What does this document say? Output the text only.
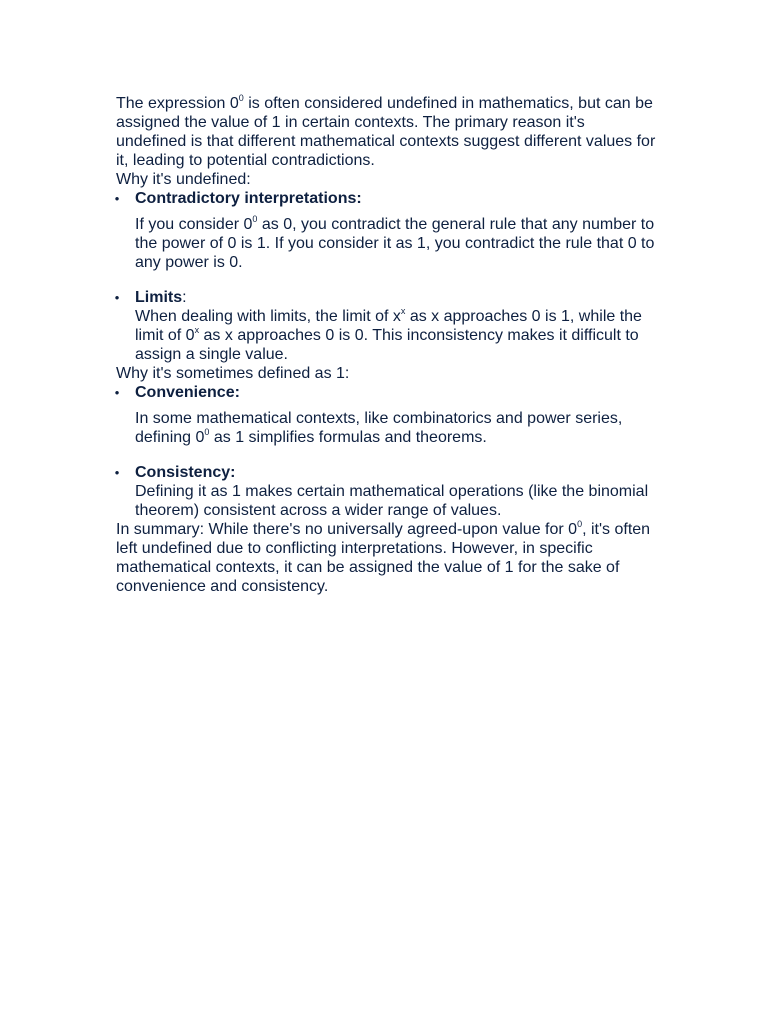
The expression $0^0$ is often considered undefined in mathematics, but can be assigned the value of 1 in certain contexts. The primary reason it's undefined is that different mathematical contexts suggest different values for it, leading to potential contradictions.

Why it's undefined:

• Contradictory interpretations:
If you consider $0^0$ as 0, you contradict the general rule that any number to the power of 0 is 1. If you consider it as 1, you contradict the rule that 0 to any power is 0.
• Limits:
When dealing with limits, the limit of $x^x$ as x approaches 0 is 1, while the limit of 0$^x$ as x approaches 0 is 0. This inconsistency makes it difficult to assign a single value.

Why it's sometimes defined as 1:

• Convenience:
In some mathematical contexts, like combinatorics and power series, defining $0^0$ as 1 simplifies formulas and theorems.
• Consistency:
Defining it as 1 makes certain mathematical operations (like the binomial theorem) consistent across a wider range of values.

In summary: While there's no universally agreed-upon value for $0^0$, it's often left undefined due to conflicting interpretations. However, in specific mathematical contexts, it can be assigned the value of 1 for the sake of convenience and consistency.
